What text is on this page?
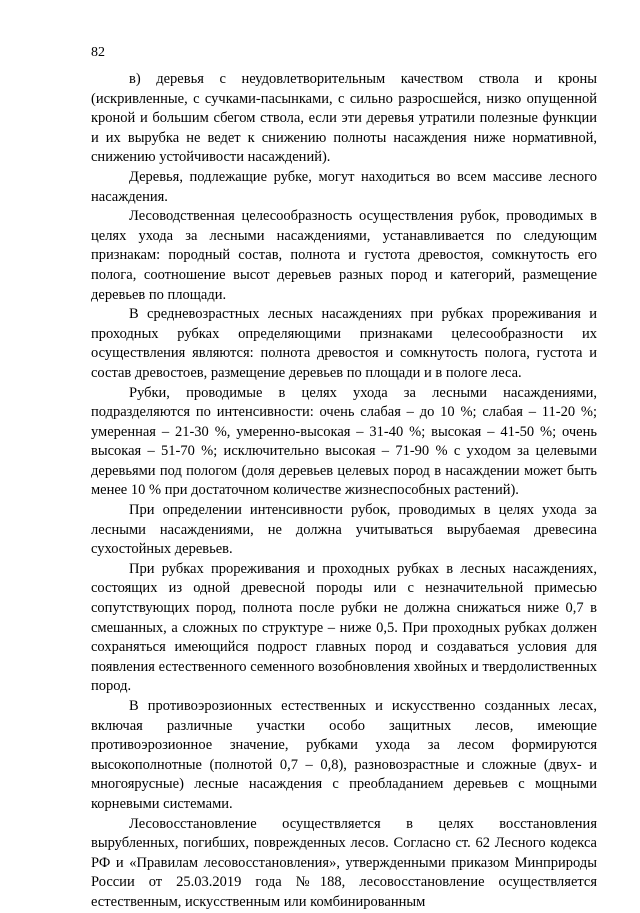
82

в) деревья с неудовлетворительным качеством ствола и кроны (искривленные, с сучками-пасынками, с сильно разросшейся, низко опущенной кроной и большим сбегом ствола, если эти деревья утратили полезные функции и их вырубка не ведет к снижению полноты насаждения ниже нормативной, снижению устойчивости насаждений).

Деревья, подлежащие рубке, могут находиться во всем массиве лесного насаждения.

Лесоводственная целесообразность осуществления рубок, проводимых в целях ухода за лесными насаждениями, устанавливается по следующим признакам: породный состав, полнота и густота древостоя, сомкнутость его полога, соотношение высот деревьев разных пород и категорий, размещение деревьев по площади.

В средневозрастных лесных насаждениях при рубках прореживания и проходных рубках определяющими признаками целесообразности их осуществления являются: полнота древостоя и сомкнутость полога, густота и состав древостоев, размещение деревьев по площади и в пологе леса.

Рубки, проводимые в целях ухода за лесными насаждениями, подразделяются по интенсивности: очень слабая – до 10 %; слабая – 11-20 %; умеренная – 21-30 %, умеренно-высокая – 31-40 %; высокая – 41-50 %; очень высокая – 51-70 %; исключительно высокая – 71-90 % с уходом за целевыми деревьями под пологом (доля деревьев целевых пород в насаждении может быть менее 10 % при достаточном количестве жизнеспособных растений).

При определении интенсивности рубок, проводимых в целях ухода за лесными насаждениями, не должна учитываться вырубаемая древесина сухостойных деревьев.

При рубках прореживания и проходных рубках в лесных насаждениях, состоящих из одной древесной породы или с незначительной примесью сопутствующих пород, полнота после рубки не должна снижаться ниже 0,7 в смешанных, а сложных по структуре – ниже 0,5. При проходных рубках должен сохраняться имеющийся подрост главных пород и создаваться условия для появления естественного семенного возобновления хвойных и твердолиственных пород.

В противоэрозионных естественных и искусственно созданных лесах, включая различные участки особо защитных лесов, имеющие противоэрозионное значение, рубками ухода за лесом формируются высокополнотные (полнотой 0,7 – 0,8), разновозрастные и сложные (двух- и многоярусные) лесные насаждения с преобладанием деревьев с мощными корневыми системами.

Лесовосстановление осуществляется в целях восстановления вырубленных, погибших, поврежденных лесов. Согласно ст. 62 Лесного кодекса РФ и «Правилам лесовосстановления», утвержденными приказом Минприроды России от 25.03.2019 года №188, лесовосстановление осуществляется естественным, искусственным или комбинированным
